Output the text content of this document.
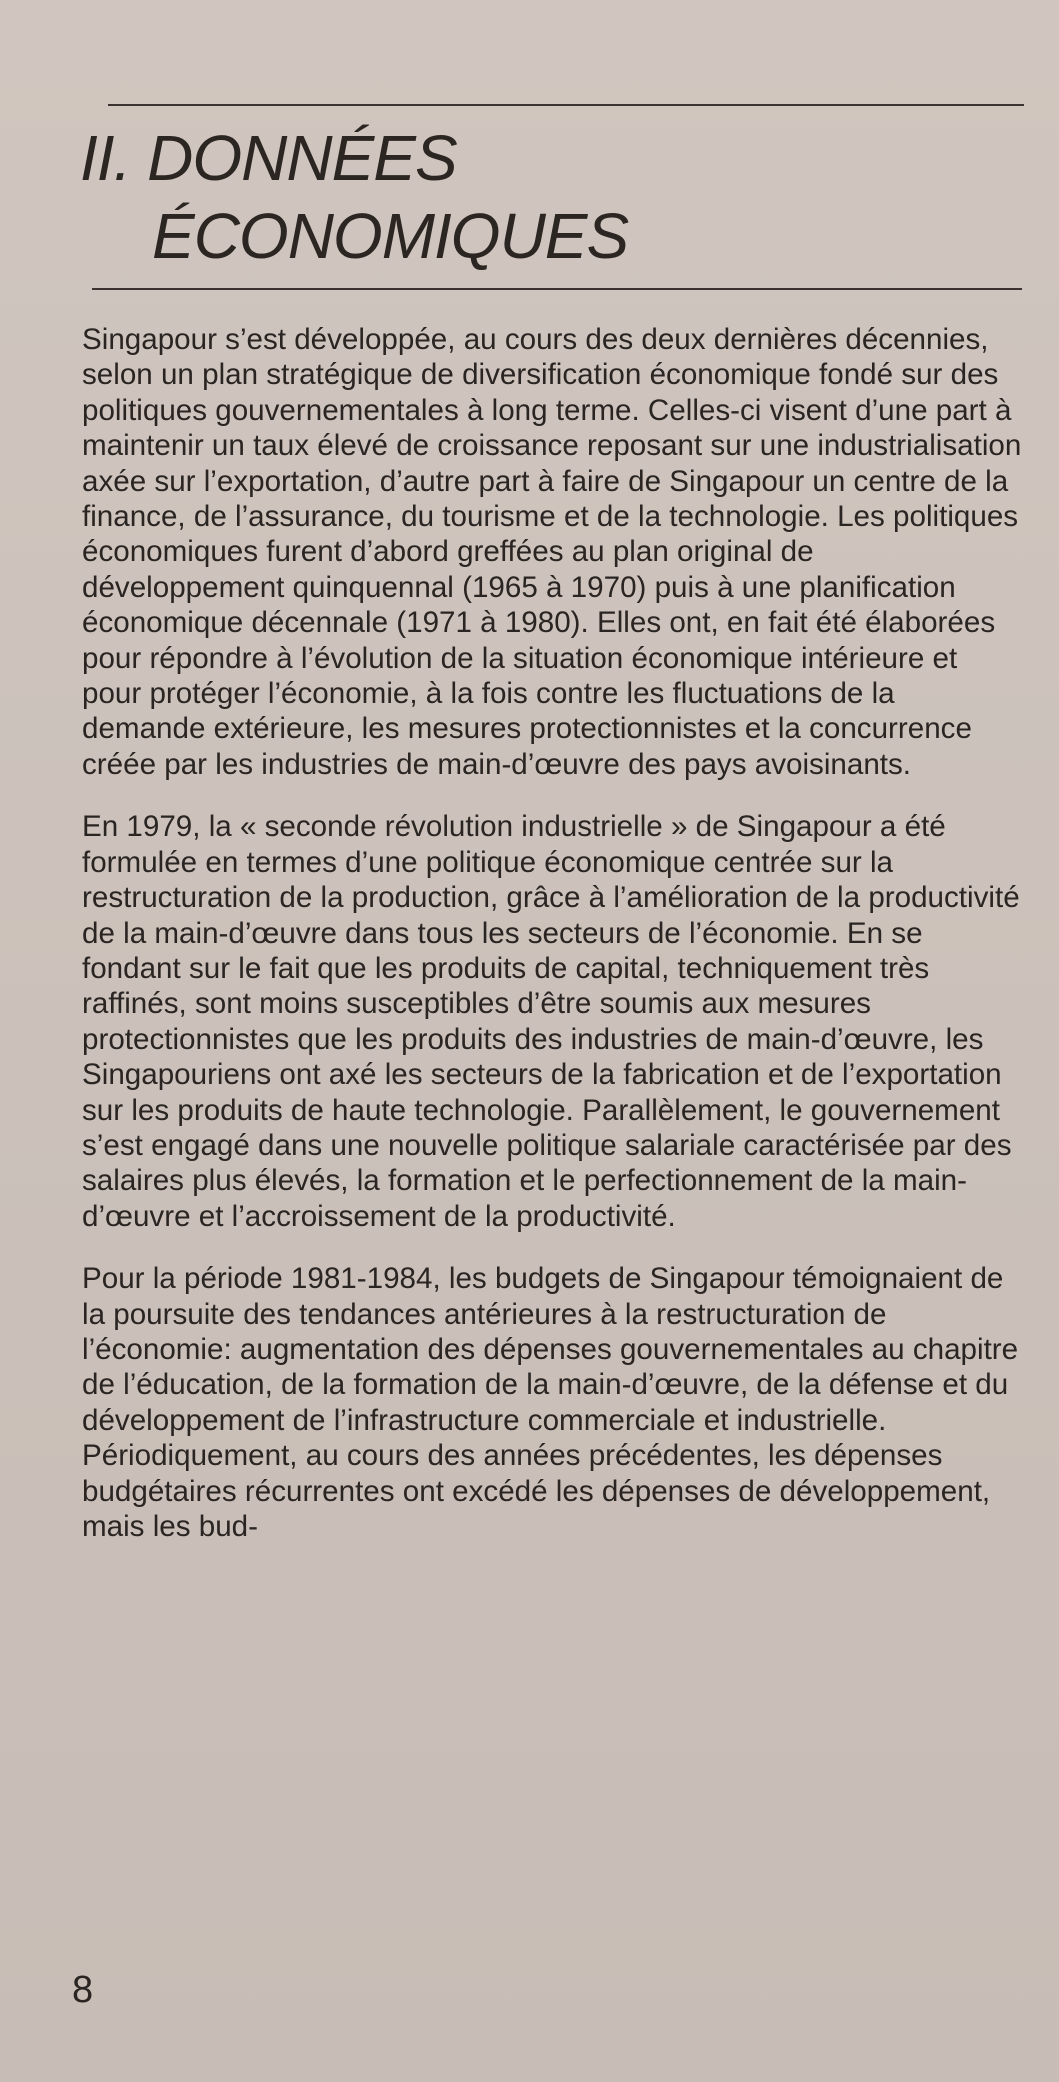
II. DONNÉES
ÉCONOMIQUES

Singapour s’est développée, au cours des deux dernières décennies, selon un plan stratégique de diversification économique fondé sur des politiques gouvernementales à long terme. Celles-ci visent d’une part à maintenir un taux élevé de croissance reposant sur une industrialisation axée sur l’exportation, d’autre part à faire de Singapour un centre de la finance, de l’assurance, du tourisme et de la technologie. Les politiques économiques furent d’abord greffées au plan original de développement quinquennal (1965 à 1970) puis à une planification économique décennale (1971 à 1980). Elles ont, en fait été élaborées pour répondre à l’évolution de la situation économique intérieure et pour protéger l’économie, à la fois contre les fluctuations de la demande extérieure, les mesures protectionnistes et la concurrence créée par les industries de main-d’œuvre des pays avoisinants.

En 1979, la « seconde révolution industrielle » de Singapour a été formulée en termes d’une politique économique centrée sur la restructuration de la production, grâce à l’amélioration de la productivité de la main-d’œuvre dans tous les secteurs de l’économie. En se fondant sur le fait que les produits de capital, techniquement très raffinés, sont moins susceptibles d’être soumis aux mesures protectionnistes que les produits des industries de main-d’œuvre, les Singapouriens ont axé les secteurs de la fabrication et de l’exportation sur les produits de haute technologie. Parallèlement, le gouvernement s’est engagé dans une nouvelle politique salariale caractérisée par des salaires plus élevés, la formation et le perfectionnement de la main-d’œuvre et l’accroissement de la productivité.

Pour la période 1981-1984, les budgets de Singapour témoignaient de la poursuite des tendances antérieures à la restructuration de l’économie: augmentation des dépenses gouvernementales au chapitre de l’éducation, de la formation de la main-d’œuvre, de la défense et du développement de l’infrastructure commerciale et industrielle. Périodiquement, au cours des années précédentes, les dépenses budgétaires récurrentes ont excédé les dépenses de développement, mais les bud-

8
